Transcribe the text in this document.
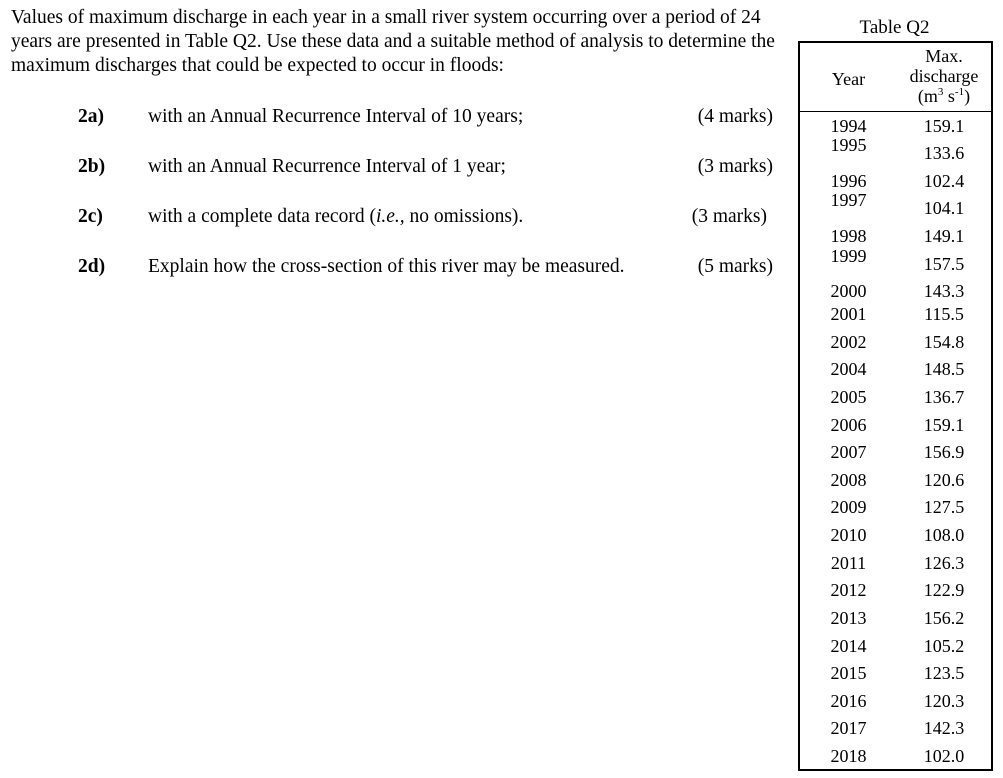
Values of maximum discharge in each year in a small river system occurring over a period of 24 years are presented in Table Q2. Use these data and a suitable method of analysis to determine the maximum discharges that could be expected to occur in floods:
2a) with an Annual Recurrence Interval of 10 years;	(4 marks)
2b) with an Annual Recurrence Interval of 1 year;	(3 marks)
2c) with a complete data record (i.e., no omissions).	(3 marks)
2d) Explain how the cross-section of this river may be measured.	(5 marks)
Table Q2
Year
Max.
discharge
($m^3$ $s^{-1}$)
1994	159.1
1995	133.6
1996	102.4
1997	104.1
1998	149.1
1999	157.5
2000	143.3
2001	115.5
2002	154.8
2004	148.5
2005	136.7
2006	159.1
2007	156.9
2008	120.6
2009	127.5
2010	108.0
2011	126.3
2012	122.9
2013	156.2
2014	105.2
2015	123.5
2016	120.3
2017	142.3
2018	102.0
